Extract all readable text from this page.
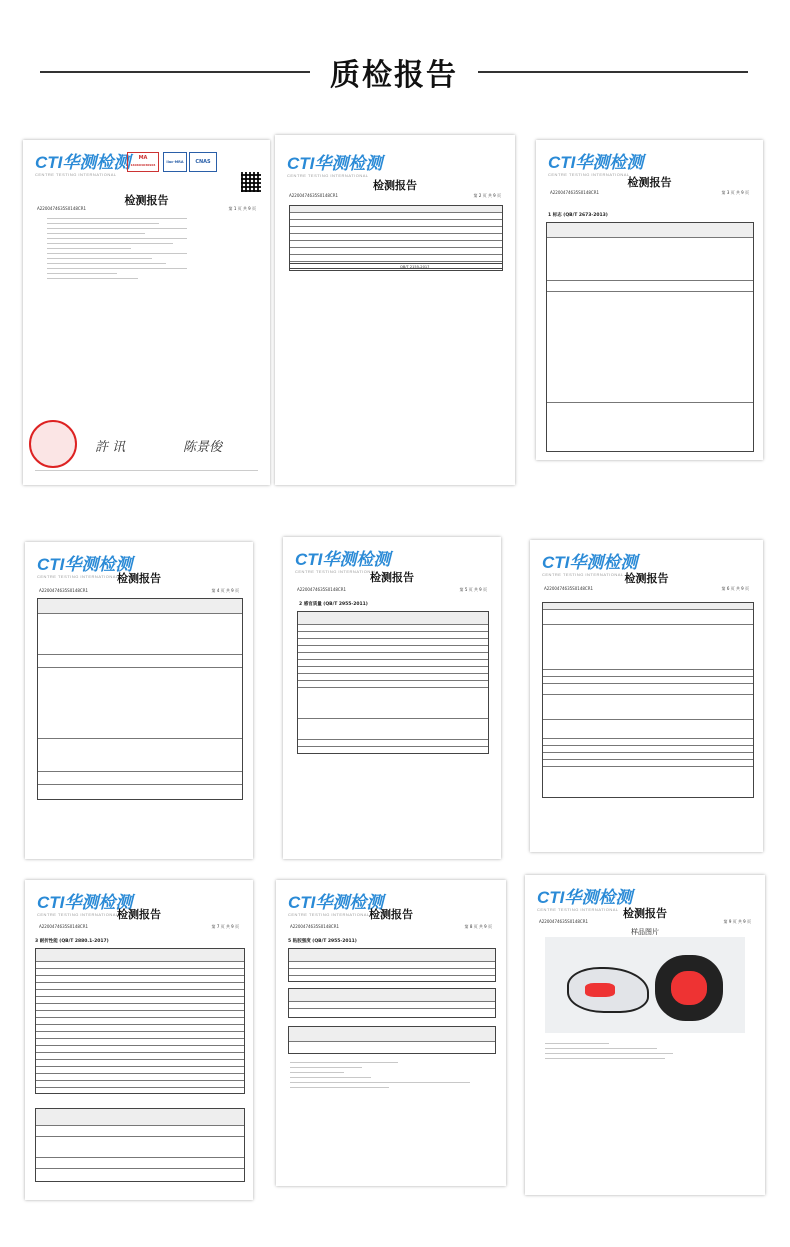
质检报告
CTI华测检测
CENTRE TESTING INTERNATIONAL
MA
160604030904
ilac-MRA	CNAS
检测报告
A2200474635S0148CR1	第 1 页 共 9 页
許 讯	陈景俊

CTI华测检测
CENTRE TESTING INTERNATIONAL
检测报告
A2200474635S0148CR1	第 2 页 共 9 页
QB/T 2155-2017
CTI华测检测
CENTRE TESTING INTERNATIONAL
检测报告
A2200474635S0148CR1	第 3 页 共 9 页
1 标志 (QB/T 2673-2013)
CTI华测检测
CENTRE TESTING INTERNATIONAL
检测报告
A2200474635S0148CR1	第 4 页 共 9 页
CTI华测检测
CENTRE TESTING INTERNATIONAL
检测报告
A2200474635S0148CR1	第 5 页 共 9 页
2 感官质量 (QB/T 2955-2011)
CTI华测检测
CENTRE TESTING INTERNATIONAL 检测报告
A2200474635S0148CR1	第 6 页 共 9 页
CTI华测检测
CENTRE TESTING INTERNATIONAL
检测报告
A2200474635S0148CR1	第 7 页 共 9 页
3 耐折性能 (QB/T 2880.1-2017)
CTI华测检测
CENTRE TESTING INTERNATIONAL 检测报告
A2200474635S0148CR1	第 8 页 共 9 页
5 粘胶强度 (QB/T 2955-2011)
CTI华测检测
CENTRE TESTING INTERNATIONAL 检测报告
A2200474635S0148CR1	第 9 页 共 9 页
样品图片
